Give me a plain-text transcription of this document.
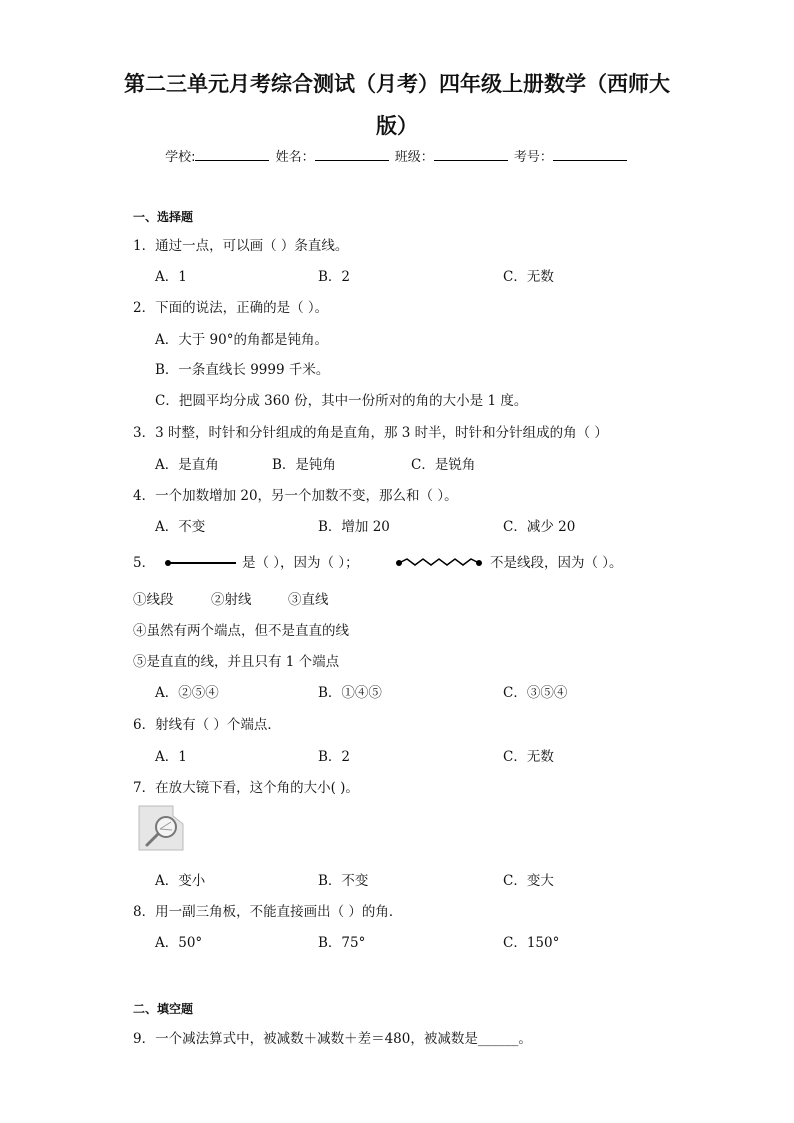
第二三单元月考综合测试（月考）四年级上册数学（西师大
版）
学校:	姓名：	班级：	考号：
一、选择题
1．通过一点，可以画（ ）条直线。
A．1	B．2	C．无数
2．下面的说法，正确的是（ ）。
A．大于 90°的角都是钝角。
B．一条直线长 9999 千米。
C．把圆平均分成 360 份，其中一份所对的角的大小是 1 度。
3．3 时整，时针和分针组成的角是直角，那 3 时半，时针和分针组成的角（ ）
A．是直角	B．是钝角	C．是锐角
4．一个加数增加 20，另一个加数不变，那么和（ ）。
A．不变	B．增加 20	C．减少 20
5．	是（ ），因为（ ）；	不是线段，因为（ ）。
①线段	②射线	③直线
④虽然有两个端点，但不是直直的线
⑤是直直的线，并且只有 1 个端点
A．②⑤④	B．①④⑤	C．③⑤④
6．射线有（ ）个端点．
A．1	B．2	C．无数
7．在放大镜下看，这个角的大小( )。
A．变小	B．不变	C．变大
8．用一副三角板，不能直接画出（ ）的角．
A．50°	B．75°	C．150°
二、填空题
9．一个减法算式中，被减数＋减数＋差＝480，被减数是______。
